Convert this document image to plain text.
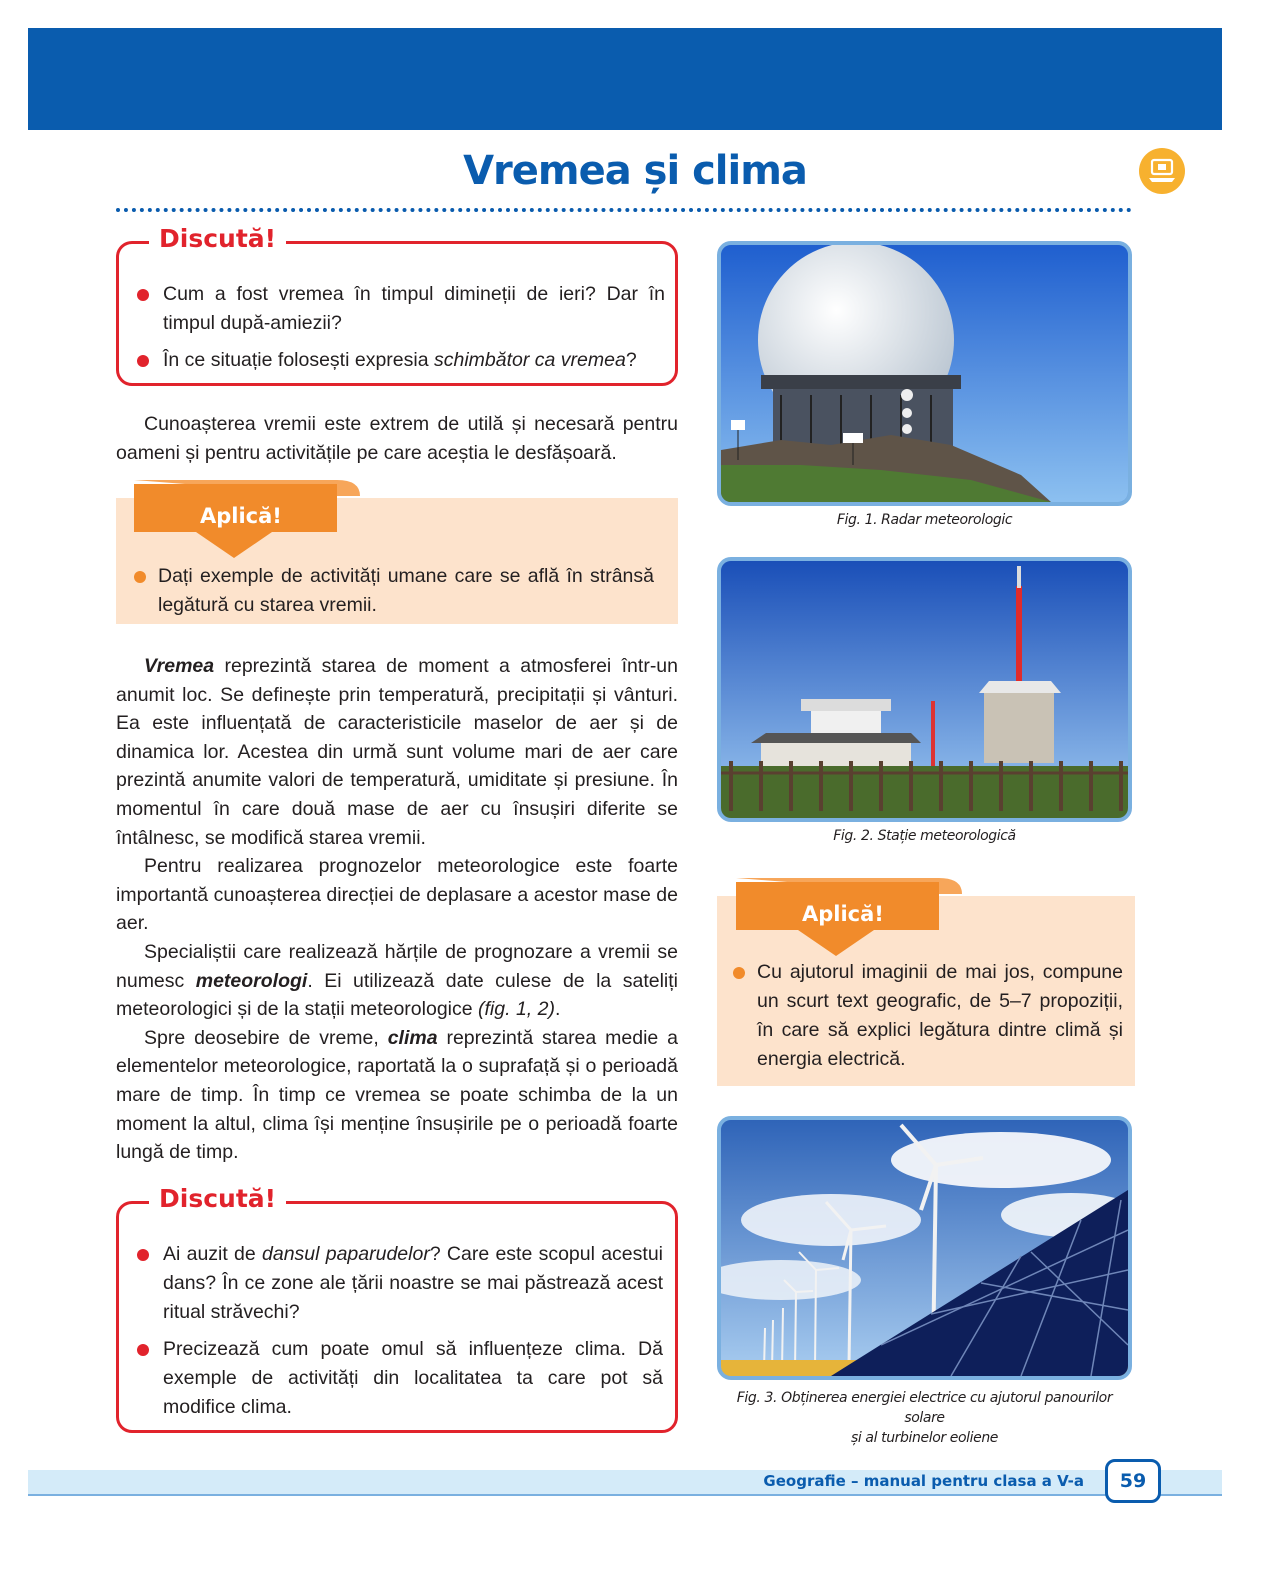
Vremea și clima
Discută!
Cum a fost vremea în timpul dimineții de ieri? Dar în timpul după-amiezii?
În ce situație folosești expresia schimbător ca vremea?

Cunoașterea vremii este extrem de utilă și necesară pentru oameni și pentru activitățile pe care aceștia le desfășoară.

Dați exemple de activități umane care se află în strânsă legătură cu starea vremii.
Aplică!

Vremea reprezintă starea de moment a atmosferei într-un anumit loc. Se definește prin temperatură, precipitații și vânturi. Ea este influențată de caracteristicile maselor de aer și de dinamica lor. Acestea din urmă sunt volume mari de aer care prezintă anumite valori de temperatură, umiditate și presiune. În momentul în care două mase de aer cu însușiri diferite se întâlnesc, se modifică starea vremii.

Pentru realizarea prognozelor meteorologice este foarte importantă cunoașterea direcției de deplasare a acestor mase de aer.

Specialiștii care realizează hărțile de prognozare a vremii se numesc meteorologi. Ei utilizează date culese de la sateliți meteorologici și de la stații meteorologice (fig. 1, 2).

Spre deosebire de vreme, clima reprezintă starea medie a elementelor meteorologice, raportată la o suprafață și o perioadă mare de timp. În timp ce vremea se poate schimba de la un moment la altul, clima își menține însușirile pe o perioadă foarte lungă de timp.

Discută!
Ai auzit de dansul paparudelor? Care este scopul acestui dans? În ce zone ale țării noastre se mai păstrează acest ritual străvechi?
Precizează cum poate omul să influențeze clima. Dă exemple de activități din localitatea ta care pot să modifice clima.
Fig. 1. Radar meteorologic
Fig. 2. Stație meteorologică
Cu ajutorul imaginii de mai jos, compune un scurt text geografic, de 5–7 propoziții, în care să explici legătura dintre climă și energia electrică.
Aplică!
Fig. 3. Obținerea energiei electrice cu ajutorul panourilor solare
și al turbinelor eoliene
Geografie – manual pentru clasa a V-a	59
